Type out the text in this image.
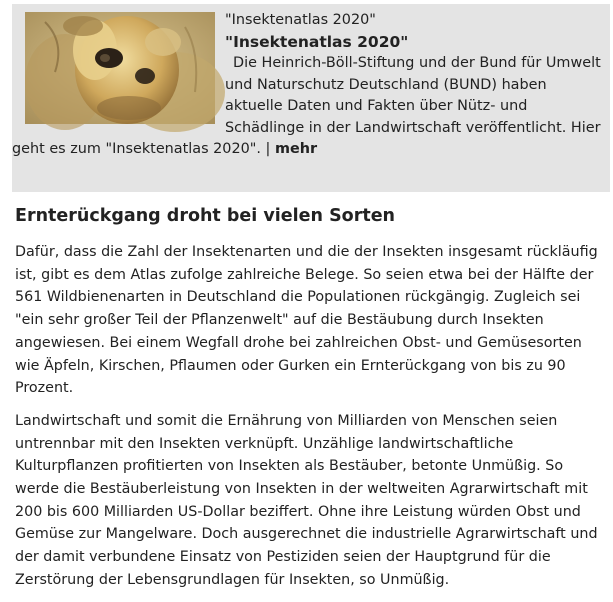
"Insektenatlas 2020"
"Insektenatlas 2020"
Die Heinrich-Böll-Stiftung und der Bund für Umwelt und Naturschutz Deutschland (BUND) haben aktuelle Daten und Fakten über Nütz- und Schädlinge in der Landwirtschaft veröffentlicht. Hier geht es zum "Insektenatlas 2020". | mehr
Ernterückgang droht bei vielen Sorten

Dafür, dass die Zahl der Insektenarten und die der Insekten insgesamt rückläufig ist, gibt es dem Atlas zufolge zahlreiche Belege. So seien etwa bei der Hälfte der 561 Wildbienenarten in Deutschland die Populationen rückgängig. Zugleich sei "ein sehr großer Teil der Pflanzenwelt" auf die Bestäubung durch Insekten angewiesen. Bei einem Wegfall drohe bei zahlreichen Obst- und Gemüsesorten wie Äpfeln, Kirschen, Pflaumen oder Gurken ein Ernterückgang von bis zu 90 Prozent.

Landwirtschaft und somit die Ernährung von Milliarden von Menschen seien untrennbar mit den Insekten verknüpft. Unzählige landwirtschaftliche Kulturpflanzen profitierten von Insekten als Bestäuber, betonte Unmüßig. So werde die Bestäuberleistung von Insekten in der weltweiten Agrarwirtschaft mit 200 bis 600 Milliarden US-Dollar beziffert. Ohne ihre Leistung würden Obst und Gemüse zur Mangelware. Doch ausgerechnet die industrielle Agrarwirtschaft und der damit verbundene Einsatz von Pestiziden seien der Hauptgrund für die Zerstörung der Lebensgrundlagen für Insekten, so Unmüßig.
